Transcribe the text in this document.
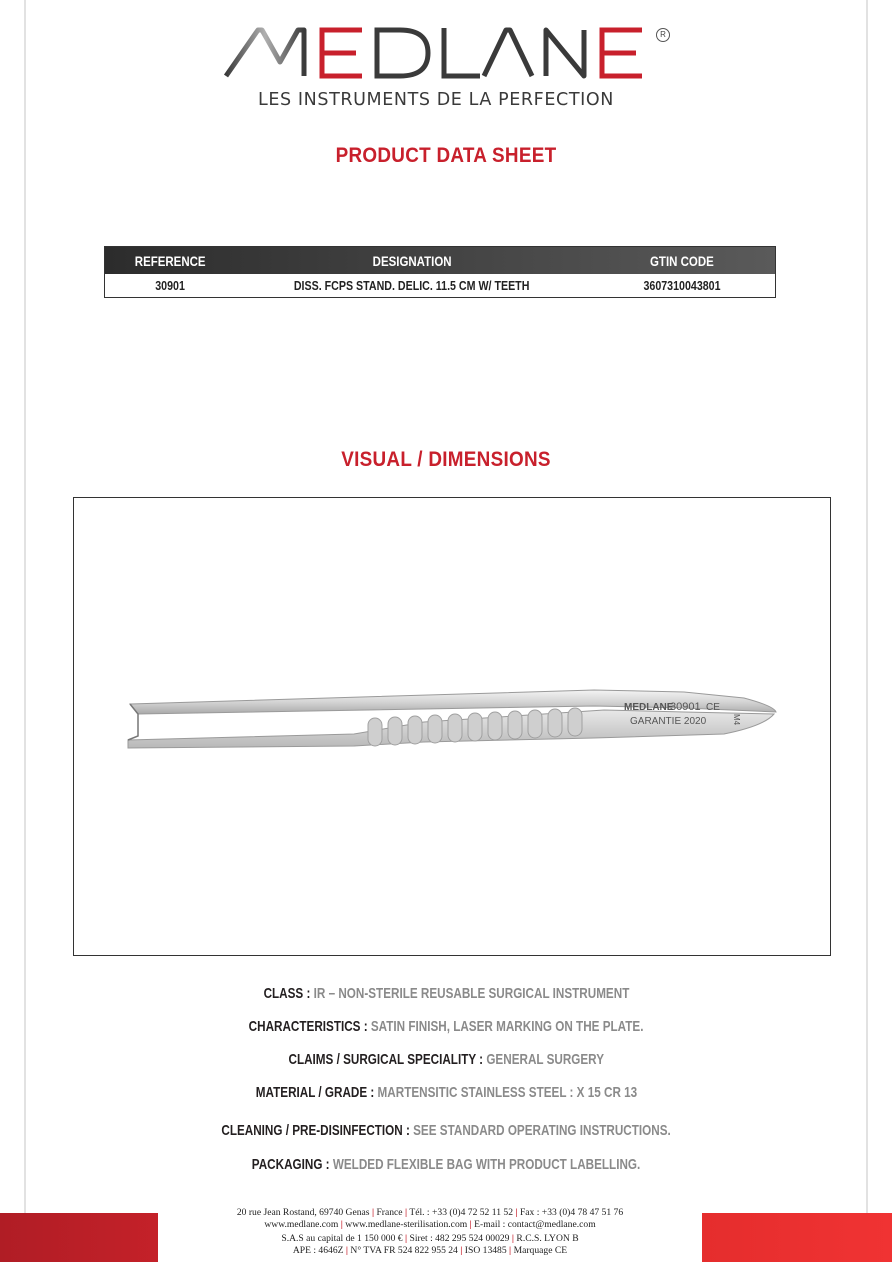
R
LES INSTRUMENTS DE LA PERFECTION
PRODUCT DATA SHEET
REFERENCE	DESIGNATION	GTIN CODE
30901	DISS. FCPS STAND. DELIC. 11.5 CM W/ TEETH	3607310043801
VISUAL / DIMENSIONS
MEDLANE
30901 CE
GARANTIE 2020	M4
CLASS : IR – NON-STERILE REUSABLE SURGICAL INSTRUMENT
CHARACTERISTICS : SATIN FINISH, LASER MARKING ON THE PLATE.
CLAIMS / SURGICAL SPECIALITY : GENERAL SURGERY
MATERIAL / GRADE : MARTENSITIC STAINLESS STEEL : X 15 CR 13
CLEANING / PRE-DISINFECTION : SEE STANDARD OPERATING INSTRUCTIONS.
PACKAGING : WELDED FLEXIBLE BAG WITH PRODUCT LABELLING.
20 rue Jean Rostand, 69740 Genas | France | Tél. : +33 (0)4 72 52 11 52 | Fax : +33 (0)4 78 47 51 76
www.medlane.com | www.medlane-sterilisation.com | E-mail : contact@medlane.com
S.A.S au capital de 1 150 000 € | Siret : 482 295 524 00029 | R.C.S. LYON B
APE : 4646Z | N° TVA FR 524 822 955 24 | ISO 13485 | Marquage CE
